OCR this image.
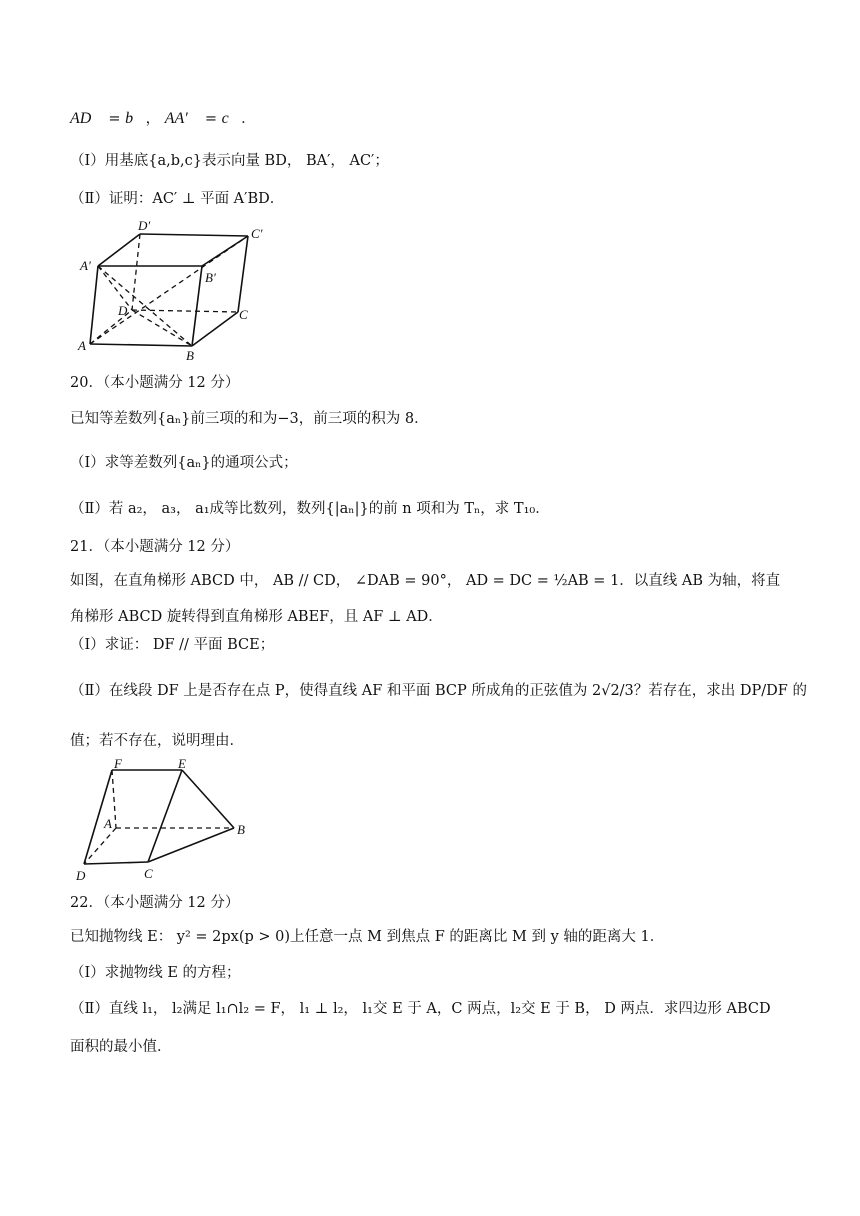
AD⃗ = b⃗， AA′⃗ = c⃗．
（Ⅰ）用基底{a,b,c}表示向量 BD， BA′， AC′；
（Ⅱ）证明：AC′ ⊥ 平面 A′BD．
D′
C′
A′
B′
D	C
A
B
20．（本小题满分 12 分）
已知等差数列{aₙ}前三项的和为−3，前三项的积为 8．
（Ⅰ）求等差数列{aₙ}的通项公式；
（Ⅱ）若 a₂， a₃， a₁成等比数列，数列{|aₙ|}的前 n 项和为 Tₙ，求 T₁₀．
21．（本小题满分 12 分）
如图，在直角梯形 ABCD 中， AB // CD， ∠DAB = 90°， AD = DC = ½AB = 1．以直线 AB 为轴，将直
角梯形 ABCD 旋转得到直角梯形 ABEF，且 AF ⊥ AD．
（Ⅰ）求证： DF // 平面 BCE；
（Ⅱ）在线段 DF 上是否存在点 P，使得直线 AF 和平面 BCP 所成角的正弦值为 2√2/3？若存在，求出 DP/DF 的
值；若不存在，说明理由．
F	E
A	B
D	C
22．（本小题满分 12 分）
已知抛物线 E： y² = 2px(p > 0)上任意一点 M 到焦点 F 的距离比 M 到 y 轴的距离大 1．
（Ⅰ）求抛物线 E 的方程；
（Ⅱ）直线 l₁， l₂满足 l₁∩l₂ = F， l₁ ⊥ l₂， l₁交 E 于 A，C 两点，l₂交 E 于 B， D 两点．求四边形 ABCD
面积的最小值．
